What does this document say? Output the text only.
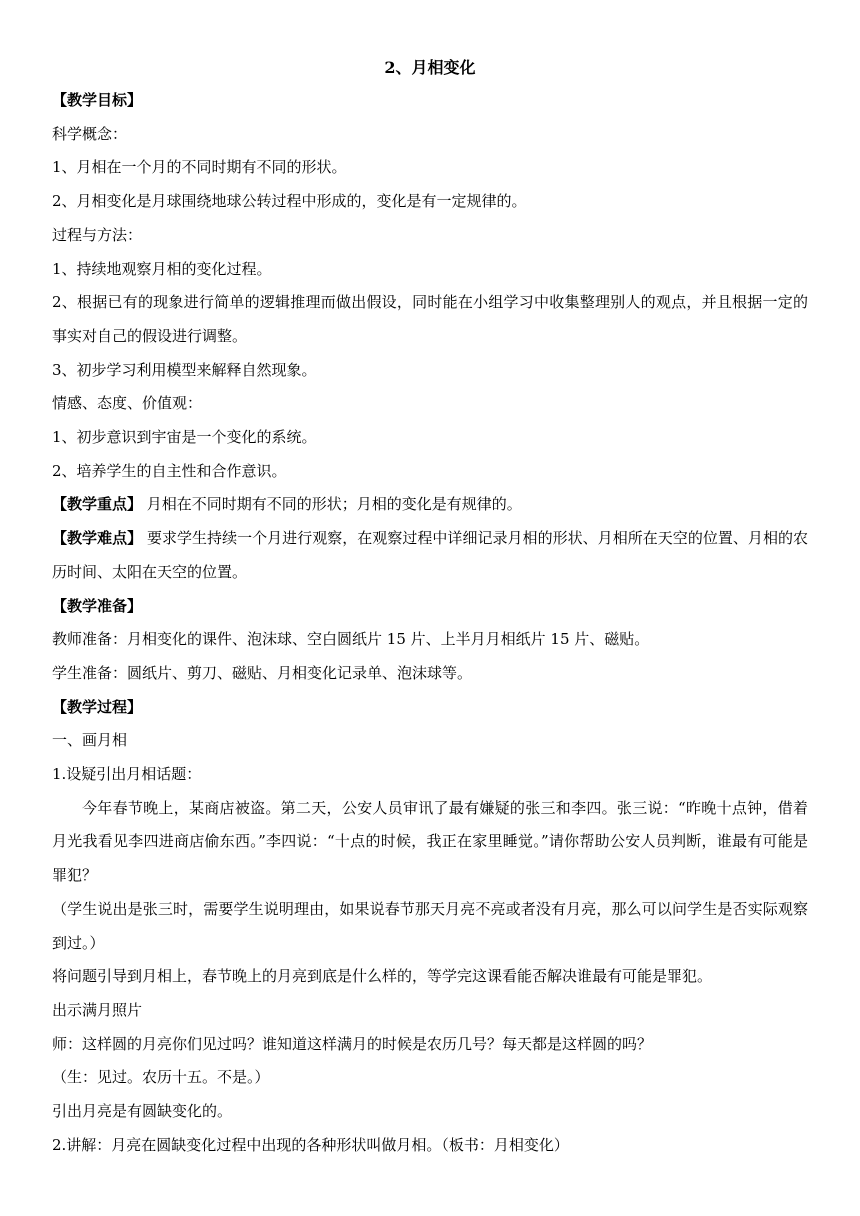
2、月相变化

【教学目标】

科学概念：

1、月相在一个月的不同时期有不同的形状。

2、月相变化是月球围绕地球公转过程中形成的，变化是有一定规律的。

过程与方法：

1、持续地观察月相的变化过程。

2、根据已有的现象进行简单的逻辑推理而做出假设，同时能在小组学习中收集整理别人的观点，并且根据一定的事实对自己的假设进行调整。

3、初步学习利用模型来解释自然现象。

情感、态度、价值观：

1、初步意识到宇宙是一个变化的系统。

2、培养学生的自主性和合作意识。

【教学重点】 月相在不同时期有不同的形状；月相的变化是有规律的。

【教学难点】 要求学生持续一个月进行观察，在观察过程中详细记录月相的形状、月相所在天空的位置、月相的农历时间、太阳在天空的位置。

【教学准备】

教师准备：月相变化的课件、泡沫球、空白圆纸片 15 片、上半月月相纸片 15 片、磁贴。

学生准备：圆纸片、剪刀、磁贴、月相变化记录单、泡沫球等。

【教学过程】

一、画月相

1.设疑引出月相话题：

今年春节晚上，某商店被盗。第二天，公安人员审讯了最有嫌疑的张三和李四。张三说：“昨晚十点钟，借着月光我看见李四进商店偷东西。”李四说：“十点的时候，我正在家里睡觉。”请你帮助公安人员判断，谁最有可能是罪犯？

（学生说出是张三时，需要学生说明理由，如果说春节那天月亮不亮或者没有月亮，那么可以问学生是否实际观察到过。）

将问题引导到月相上，春节晚上的月亮到底是什么样的，等学完这课看能否解决谁最有可能是罪犯。

出示满月照片

师：这样圆的月亮你们见过吗？谁知道这样满月的时候是农历几号？每天都是这样圆的吗？

（生：见过。农历十五。不是。）

引出月亮是有圆缺变化的。

2.讲解：月亮在圆缺变化过程中出现的各种形状叫做月相。（板书：月相变化）
